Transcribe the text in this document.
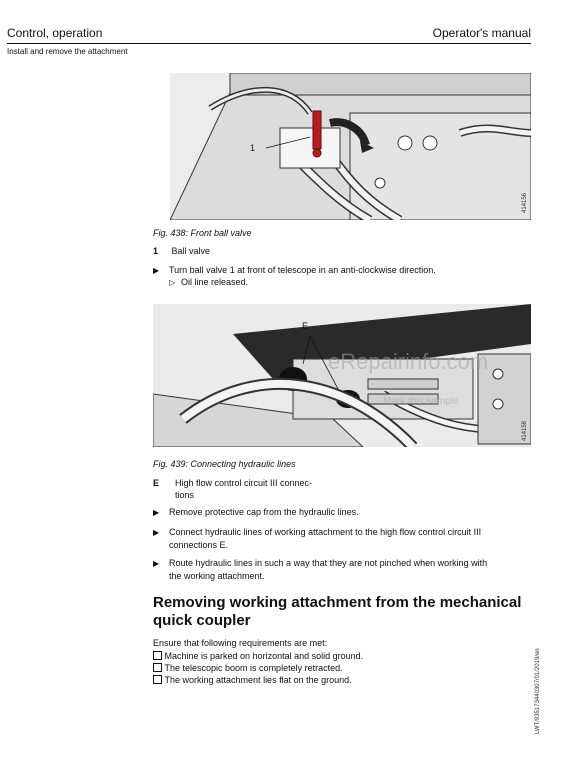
Control, operation	Operator's manual
Install and remove the attachment
1
414156
Fig. 438: Front ball valve
1 Ball valve
▶ Turn ball valve 1 at front of telescope in an anti-clockwise direction.
▷ Oil line released.
E
eRepairinfo.com
Mark this sample
414158
Fig. 439: Connecting hydraulic lines
E High flow control circuit III connec-
tions
▶ Remove protective cap from the hydraulic lines.
▶ Connect hydraulic lines of working attachment to the high flow control circuit III
connections E.
▶ Route hydraulic lines in such a way that they are not pinched when working with
the working attachment.
Removing working attachment from the mechanical
quick coupler
Ensure that following requirements are met:
Machine is parked on horizontal and solid ground.
The telescopic boom is completely retracted.
The working attachment lies flat on the ground.	LWT/935173440307/01/2019/en
